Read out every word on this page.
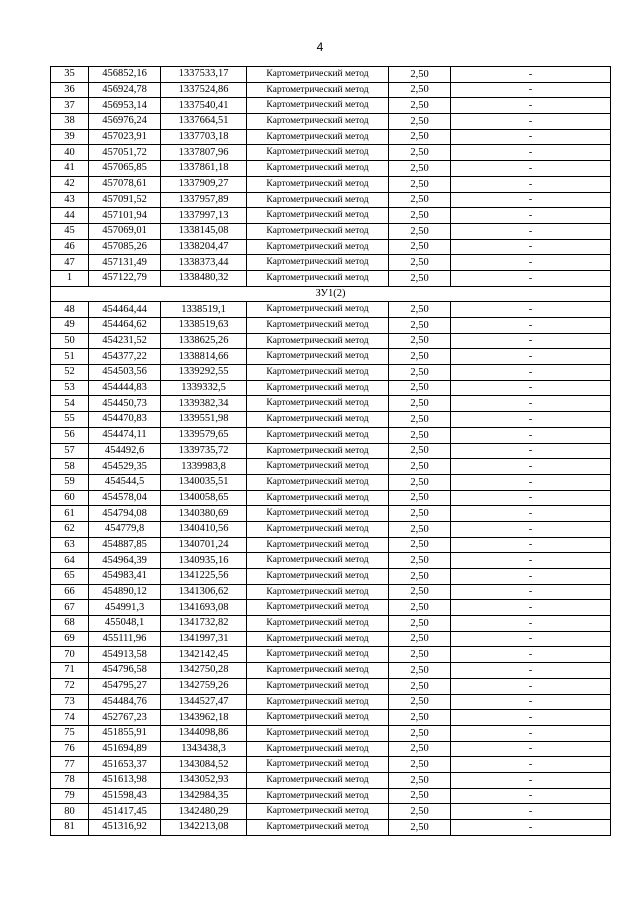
4
35	456852,16	1337533,17	Картометрический метод	2,50	-
36	456924,78	1337524,86	Картометрический метод	2,50	-
37	456953,14	1337540,41	Картометрический метод	2,50	-
38	456976,24	1337664,51	Картометрический метод	2,50	-
39	457023,91	1337703,18	Картометрический метод	2,50	-
40	457051,72	1337807,96	Картометрический метод	2,50	-
41	457065,85	1337861,18	Картометрический метод	2,50	-
42	457078,61	1337909,27	Картометрический метод	2,50	-
43	457091,52	1337957,89	Картометрический метод	2,50	-
44	457101,94	1337997,13	Картометрический метод	2,50	-
45	457069,01	1338145,08	Картометрический метод	2,50	-
46	457085,26	1338204,47	Картометрический метод	2,50	-
47	457131,49	1338373,44	Картометрический метод	2,50	-
1	457122,79	1338480,32	Картометрический метод	2,50	-
ЗУ1(2)					
48	454464,44	1338519,1	Картометрический метод	2,50	-
49	454464,62	1338519,63	Картометрический метод	2,50	-
50	454231,52	1338625,26	Картометрический метод	2,50	-
51	454377,22	1338814,66	Картометрический метод	2,50	-
52	454503,56	1339292,55	Картометрический метод	2,50	-
53	454444,83	1339332,5	Картометрический метод	2,50	-
54	454450,73	1339382,34	Картометрический метод	2,50	-
55	454470,83	1339551,98	Картометрический метод	2,50	-
56	454474,11	1339579,65	Картометрический метод	2,50	-
57	454492,6	1339735,72	Картометрический метод	2,50	-
58	454529,35	1339983,8	Картометрический метод	2,50	-
59	454544,5	1340035,51	Картометрический метод	2,50	-
60	454578,04	1340058,65	Картометрический метод	2,50	-
61	454794,08	1340380,69	Картометрический метод	2,50	-
62	454779,8	1340410,56	Картометрический метод	2,50	-
63	454887,85	1340701,24	Картометрический метод	2,50	-
64	454964,39	1340935,16	Картометрический метод	2,50	-
65	454983,41	1341225,56	Картометрический метод	2,50	-
66	454890,12	1341306,62	Картометрический метод	2,50	-
67	454991,3	1341693,08	Картометрический метод	2,50	-
68	455048,1	1341732,82	Картометрический метод	2,50	-
69	455111,96	1341997,31	Картометрический метод	2,50	-
70	454913,58	1342142,45	Картометрический метод	2,50	-
71	454796,58	1342750,28	Картометрический метод	2,50	-
72	454795,27	1342759,26	Картометрический метод	2,50	-
73	454484,76	1344527,47	Картометрический метод	2,50	-
74	452767,23	1343962,18	Картометрический метод	2,50	-
75	451855,91	1344098,86	Картометрический метод	2,50	-
76	451694,89	1343438,3	Картометрический метод	2,50	-
77	451653,37	1343084,52	Картометрический метод	2,50	-
78	451613,98	1343052,93	Картометрический метод	2,50	-
79	451598,43	1342984,35	Картометрический метод	2,50	-
80	451417,45	1342480,29	Картометрический метод	2,50	-
81	451316,92	1342213,08	Картометрический метод	2,50	-
